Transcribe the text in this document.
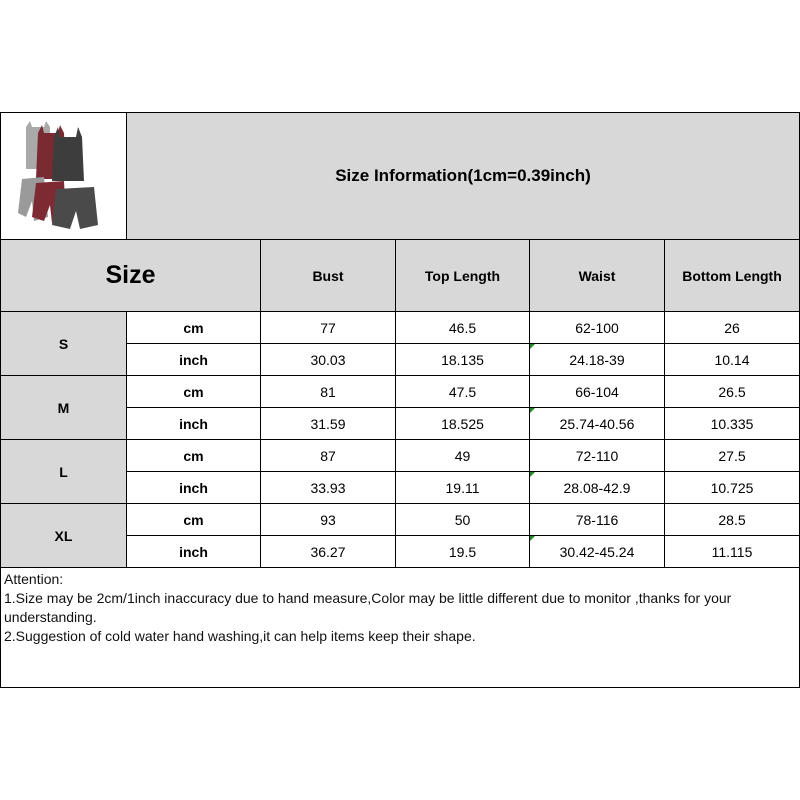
Size Information(1cm=0.39inch)
Size	Bust	Top Length	Waist	Bottom Length
S
cm	77	46.5	62-100	26
inch	30.03	18.135	24.18-39	10.14
M
cm	81	47.5	66-104	26.5
inch	31.59	18.525	25.74-40.56	10.335
L
cm	87	49	72-110	27.5
inch	33.93	19.11	28.08-42.9	10.725
XL
cm	93	50	78-116	28.5
inch	36.27	19.5	30.42-45.24	11.115

Attention:

1.Size may be 2cm/1inch inaccuracy due to hand measure,Color may be little different due to monitor ,thanks for your understanding.

2.Suggestion of cold water hand washing,it can help items keep their shape.
